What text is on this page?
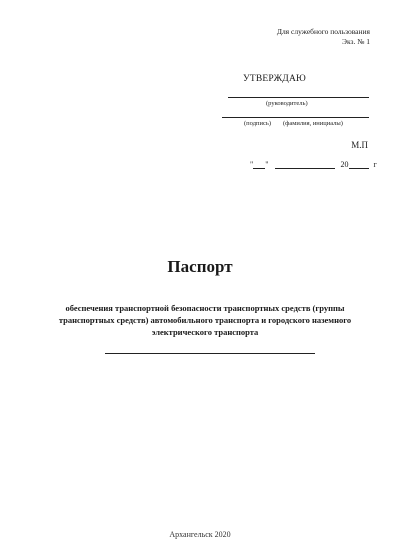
Для служебного пользования
Экз. № 1
УТВЕРЖДАЮ
(руководитель)
(подпись) (фамилия, инициалы)
М.П
" "	20	г
Паспорт
обеспечения транспортной безопасности транспортных средств (группы транспортных средств) автомобильного транспорта и городского наземного электрического транспорта
Архангельск 2020
